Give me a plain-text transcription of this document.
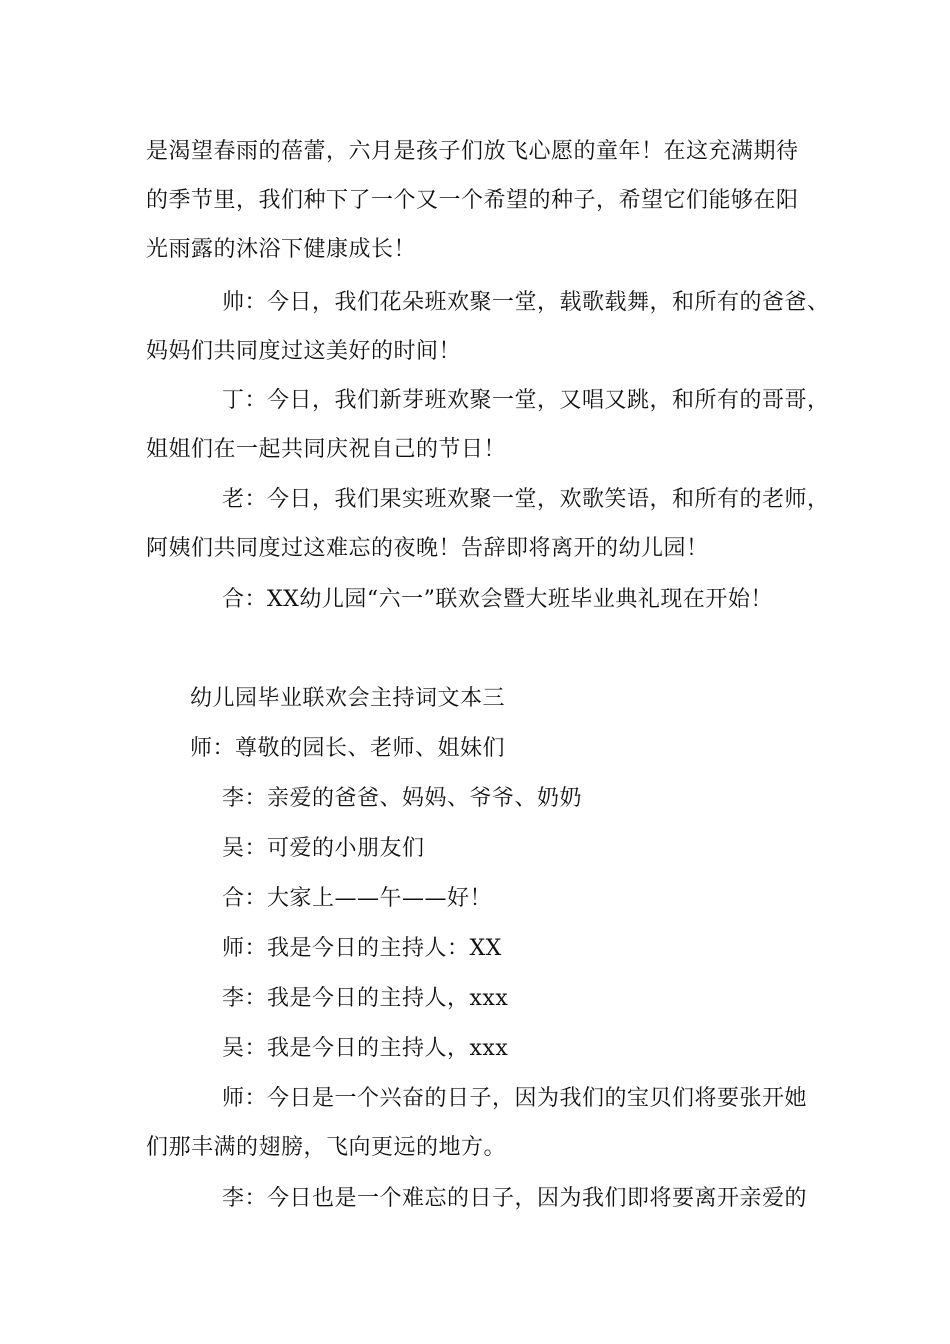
是渴望春雨的蓓蕾，六月是孩子们放飞心愿的童年！在这充满期待
的季节里，我们种下了一个又一个希望的种子，希望它们能够在阳
光雨露的沐浴下健康成长！
帅：今日，我们花朵班欢聚一堂，载歌载舞，和所有的爸爸、
妈妈们共同度过这美好的时间！
丁：今日，我们新芽班欢聚一堂，又唱又跳，和所有的哥哥，
姐姐们在一起共同庆祝自己的节日！
老：今日，我们果实班欢聚一堂，欢歌笑语，和所有的老师，
阿姨们共同度过这难忘的夜晚！告辞即将离开的幼儿园！
合：XX幼儿园“六一”联欢会暨大班毕业典礼现在开始！
幼儿园毕业联欢会主持词文本三
师：尊敬的园长、老师、姐妹们
李：亲爱的爸爸、妈妈、爷爷、奶奶
吴：可爱的小朋友们
合：大家上——午——好！
师：我是今日的主持人：XX
李：我是今日的主持人，xxx
吴：我是今日的主持人，xxx
师：今日是一个兴奋的日子，因为我们的宝贝们将要张开她
们那丰满的翅膀，飞向更远的地方。
李：今日也是一个难忘的日子，因为我们即将要离开亲爱的
